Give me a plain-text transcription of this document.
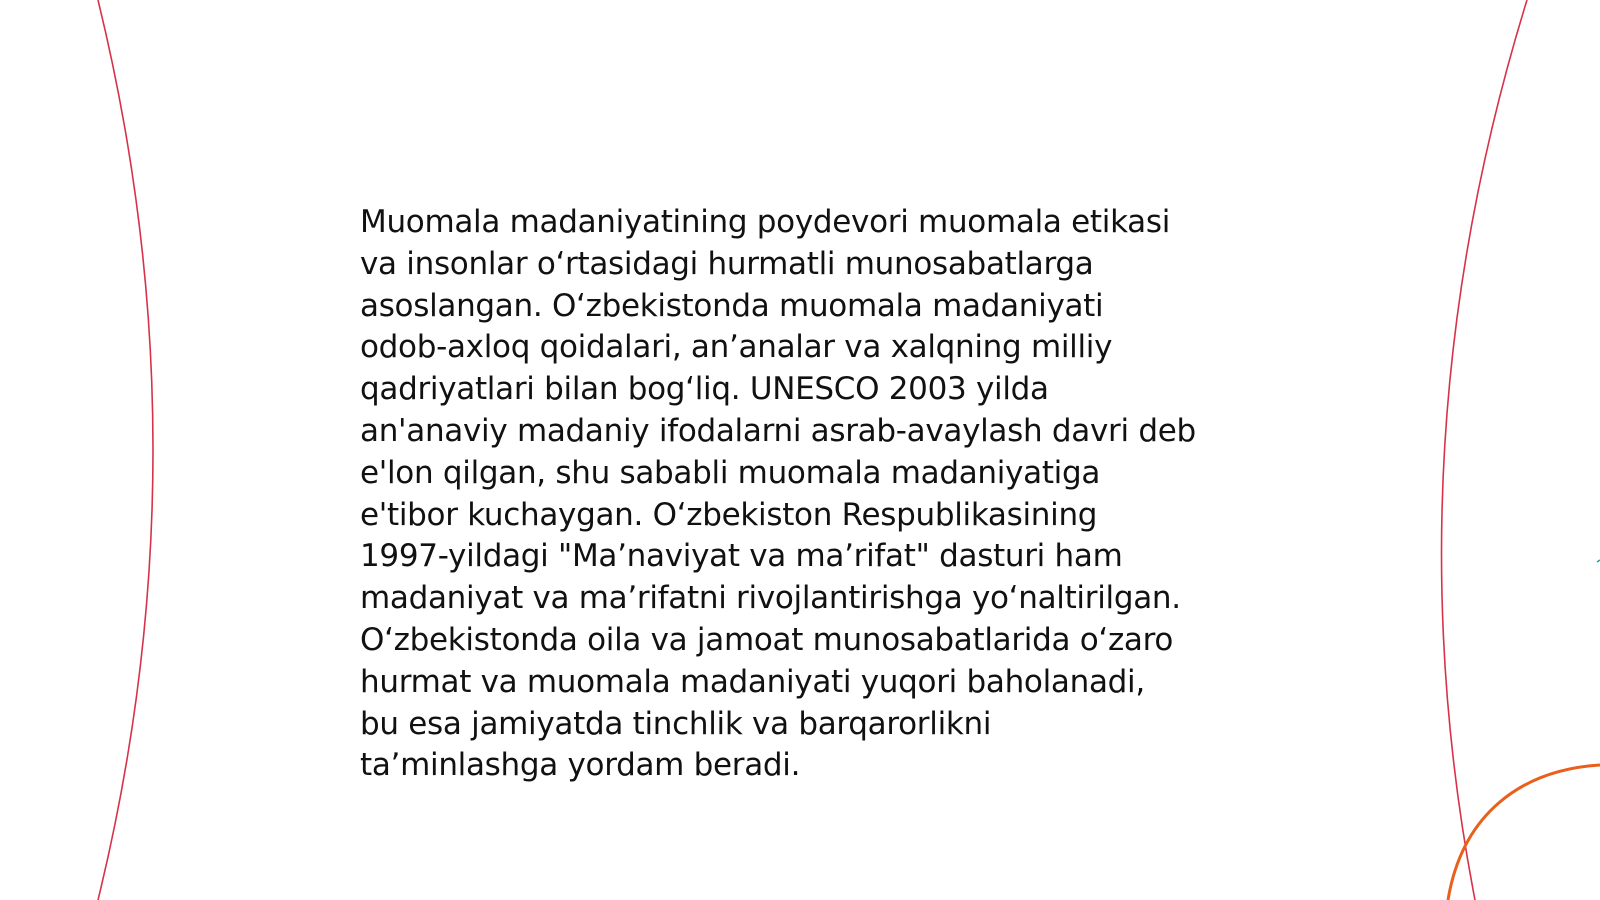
Muomala madaniyatining poydevori muomala etikasi
va insonlar o‘rtasidagi hurmatli munosabatlarga
asoslangan. O‘zbekistonda muomala madaniyati
odob-axloq qoidalari, an’analar va xalqning milliy
qadriyatlari bilan bog‘liq. UNESCO 2003 yilda
an'anaviy madaniy ifodalarni asrab-avaylash davri deb
e'lon qilgan, shu sababli muomala madaniyatiga
e'tibor kuchaygan. O‘zbekiston Respublikasining
1997-yildagi "Ma’naviyat va ma’rifat" dasturi ham
madaniyat va ma’rifatni rivojlantirishga yo‘naltirilgan.
O‘zbekistonda oila va jamoat munosabatlarida o‘zaro
hurmat va muomala madaniyati yuqori baholanadi,
bu esa jamiyatda tinchlik va barqarorlikni
ta’minlashga yordam beradi.
